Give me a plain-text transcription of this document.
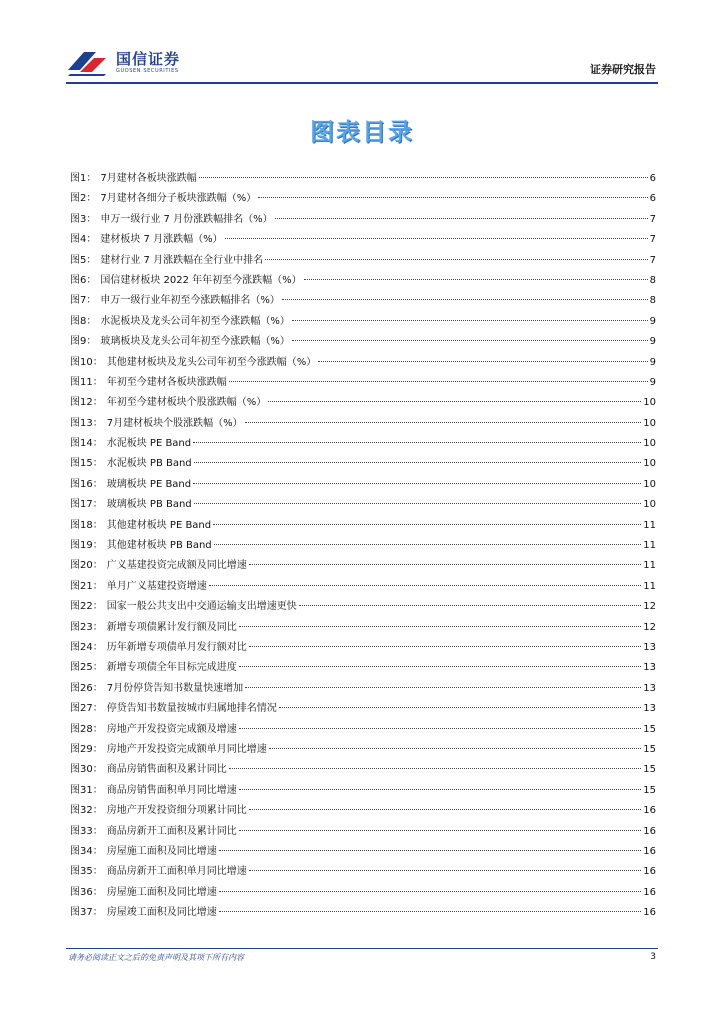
国信证券
GUOSEN SECURITIES	证券研究报告
图表目录
图1： 7月建材各板块涨跌幅	6
图2： 7月建材各细分子板块涨跌幅（%）	6
图3： 申万一级行业 7 月份涨跌幅排名（%）	7
图4： 建材板块 7 月涨跌幅（%）	7
图5： 建材行业 7 月涨跌幅在全行业中排名	7
图6： 国信建材板块 2022 年年初至今涨跌幅（%）	8
图7： 申万一级行业年初至今涨跌幅排名（%）	8
图8： 水泥板块及龙头公司年初至今涨跌幅（%）	9
图9： 玻璃板块及龙头公司年初至今涨跌幅（%）	9
图10： 其他建材板块及龙头公司年初至今涨跌幅（%）	9
图11： 年初至今建材各板块涨跌幅	9
图12： 年初至今建材板块个股涨跌幅（%）	10
图13： 7月建材板块个股涨跌幅（%）	10
图14： 水泥板块 PE Band	10
图15： 水泥板块 PB Band	10
图16： 玻璃板块 PE Band	10
图17： 玻璃板块 PB Band	10
图18： 其他建材板块 PE Band	11
图19： 其他建材板块 PB Band	11
图20： 广义基建投资完成额及同比增速	11
图21： 单月广义基建投资增速	11
图22： 国家一般公共支出中交通运输支出增速更快	12
图23： 新增专项债累计发行额及同比	12
图24： 历年新增专项债单月发行额对比	13
图25： 新增专项债全年目标完成进度	13
图26： 7月份停贷告知书数量快速增加	13
图27： 停贷告知书数量按城市归属地排名情况	13
图28： 房地产开发投资完成额及增速	15
图29： 房地产开发投资完成额单月同比增速	15
图30： 商品房销售面积及累计同比	15
图31： 商品房销售面积单月同比增速	15
图32： 房地产开发投资细分项累计同比	16
图33： 商品房新开工面积及累计同比	16
图34： 房屋施工面积及同比增速	16
图35： 商品房新开工面积单月同比增速	16
图36： 房屋施工面积及同比增速	16
图37： 房屋竣工面积及同比增速	16
请务必阅读正文之后的免责声明及其项下所有内容	3
